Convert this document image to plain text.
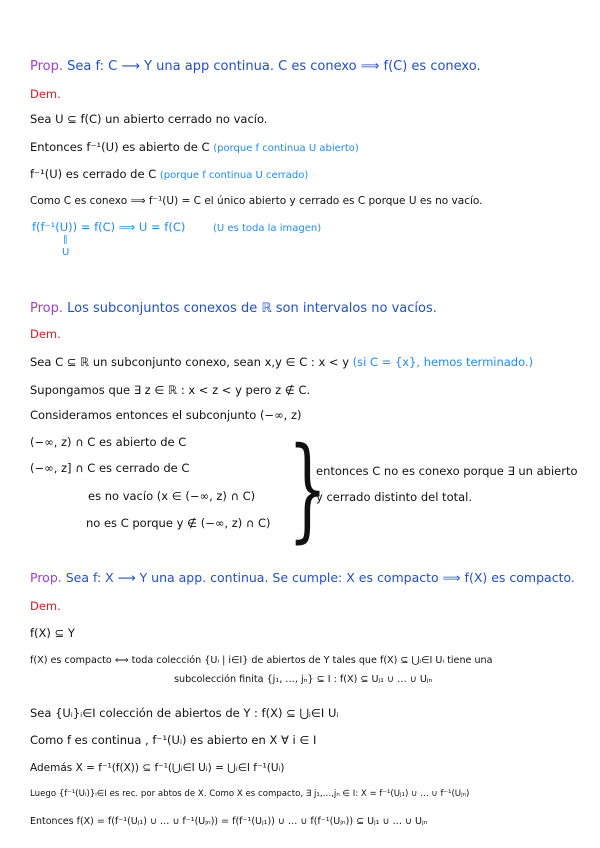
Prop. Sea f: C ⟶ Y una app continua. C es conexo ⟹ f(C) es conexo.
Dem.
Sea U ⊆ f(C) un abierto cerrado no vacío.
Entonces f⁻¹(U) es abierto de C (porque f continua U abierto)
f⁻¹(U) es cerrado de C (porque f continua U cerrado)
Como C es conexo ⟹ f⁻¹(U) = C el único abierto y cerrado es C porque U es no vacío.
f(f⁻¹(U)) = f(C) ⟹ U = f(C)	(U es toda la imagen)
∥
U
Prop. Los subconjuntos conexos de ℝ son intervalos no vacíos.
Dem.
Sea C ⊆ ℝ un subconjunto conexo, sean x,y ∈ C : x < y (si C = {x}, hemos terminado.)
Supongamos que ∃ z ∈ ℝ : x < z < y pero z ∉ C.
Consideramos entonces el subconjunto (−∞, z)
(−∞, z) ∩ C es abierto de C
(−∞, z] ∩ C es cerrado de C
es no vacío (x ∈ (−∞, z) ∩ C)
no es C porque y ∉ (−∞, z) ∩ C) }
entonces C no es conexo porque ∃ un abierto
y cerrado distinto del total.
Prop. Sea f: X ⟶ Y una app. continua. Se cumple: X es compacto ⟹ f(X) es compacto.
Dem.
f(X) ⊆ Y
f(X) es compacto ⟺ toda colección {Uᵢ | i∈I} de abiertos de Y tales que f(X) ⊆ ⋃ᵢ∈I Uᵢ tiene una
subcolección finita {j₁, …, jₙ} ⊆ I : f(X) ⊆ Uⱼ₁ ∪ … ∪ Uⱼₙ
Sea {Uᵢ}ᵢ∈I colección de abiertos de Y : f(X) ⊆ ⋃ᵢ∈I Uᵢ
Como f es continua , f⁻¹(Uᵢ) es abierto en X ∀ i ∈ I
Además X = f⁻¹(f(X)) ⊆ f⁻¹(⋃ᵢ∈I Uᵢ) = ⋃ᵢ∈I f⁻¹(Uᵢ)
Luego {f⁻¹(Uᵢ)}ᵢ∈I es rec. por abtos de X. Como X es compacto, ∃ j₁,…,jₙ ∈ I: X = f⁻¹(Uⱼ₁) ∪ … ∪ f⁻¹(Uⱼₙ)
Entonces f(X) = f(f⁻¹(Uⱼ₁) ∪ … ∪ f⁻¹(Uⱼₙ)) = f(f⁻¹(Uⱼ₁)) ∪ … ∪ f(f⁻¹(Uⱼₙ)) ⊆ Uⱼ₁ ∪ … ∪ Uⱼₙ
